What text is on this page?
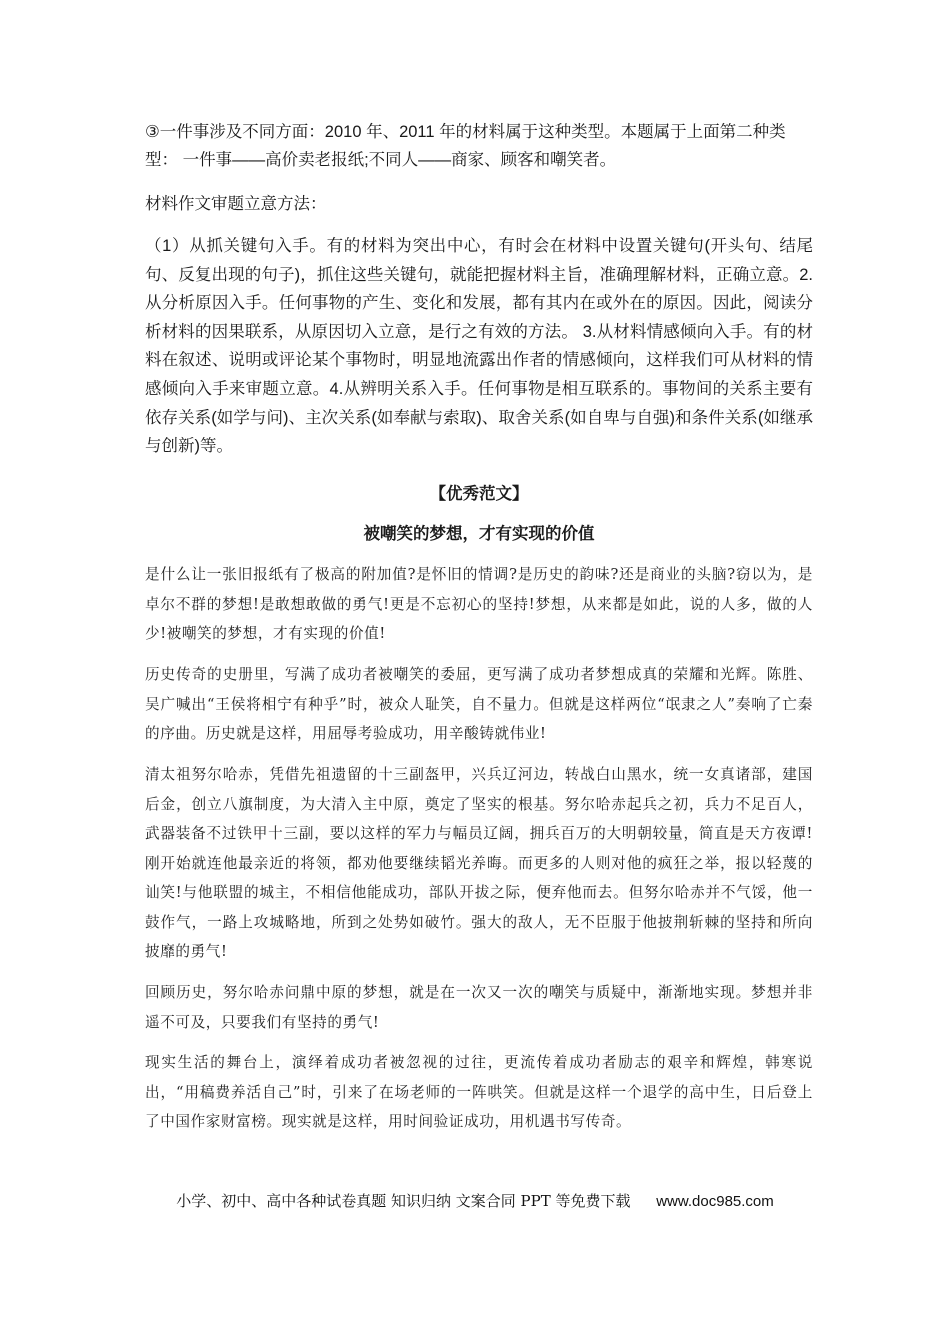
③一件事涉及不同方面：2010 年、2011 年的材料属于这种类型。本题属于上面第二种类型： 一件事——高价卖老报纸;不同人——商家、顾客和嘲笑者。

材料作文审题立意方法：

（1）从抓关键句入手。有的材料为突出中心，有时会在材料中设置关键句(开头句、结尾句、反复出现的句子)，抓住这些关键句，就能把握材料主旨，准确理解材料，正确立意。2.从分析原因入手。任何事物的产生、变化和发展，都有其内在或外在的原因。因此，阅读分析材料的因果联系，从原因切入立意，是行之有效的方法。 3.从材料情感倾向入手。有的材料在叙述、说明或评论某个事物时，明显地流露出作者的情感倾向，这样我们可从材料的情感倾向入手来审题立意。4.从辨明关系入手。任何事物是相互联系的。事物间的关系主要有依存关系(如学与问)、主次关系(如奉献与索取)、取舍关系(如自卑与自强)和条件关系(如继承与创新)等。

【优秀范文】
被嘲笑的梦想，才有实现的价值

是什么让一张旧报纸有了极高的附加值?是怀旧的情调?是历史的韵味?还是商业的头脑?窃以为，是卓尔不群的梦想!是敢想敢做的勇气!更是不忘初心的坚持!梦想，从来都是如此，说的人多，做的人少!被嘲笑的梦想，才有实现的价值!

历史传奇的史册里，写满了成功者被嘲笑的委屈，更写满了成功者梦想成真的荣耀和光辉。陈胜、吴广喊出“王侯将相宁有种乎”时，被众人耻笑，自不量力。但就是这样两位“氓隶之人”奏响了亡秦的序曲。历史就是这样，用屈辱考验成功，用辛酸铸就伟业!

清太祖努尔哈赤，凭借先祖遗留的十三副盔甲，兴兵辽河边，转战白山黑水，统一女真诸部，建国后金，创立八旗制度，为大清入主中原，奠定了坚实的根基。努尔哈赤起兵之初，兵力不足百人，武器装备不过铁甲十三副，要以这样的军力与幅员辽阔，拥兵百万的大明朝较量，简直是天方夜谭!刚开始就连他最亲近的将领，都劝他要继续韬光养晦。而更多的人则对他的疯狂之举，报以轻蔑的讪笑!与他联盟的城主，不相信他能成功，部队开拔之际，便弃他而去。但努尔哈赤并不气馁，他一鼓作气，一路上攻城略地，所到之处势如破竹。强大的敌人，无不臣服于他披荆斩棘的坚持和所向披靡的勇气!

回顾历史，努尔哈赤问鼎中原的梦想，就是在一次又一次的嘲笑与质疑中，渐渐地实现。梦想并非遥不可及，只要我们有坚持的勇气!

现实生活的舞台上，演绎着成功者被忽视的过往，更流传着成功者励志的艰辛和辉煌，韩寒说出，“用稿费养活自己”时，引来了在场老师的一阵哄笑。但就是这样一个退学的高中生，日后登上了中国作家财富榜。现实就是这样，用时间验证成功，用机遇书写传奇。

小学、初中、高中各种试卷真题 知识归纳 文案合同 PPT 等免费下载 www.doc985.com
